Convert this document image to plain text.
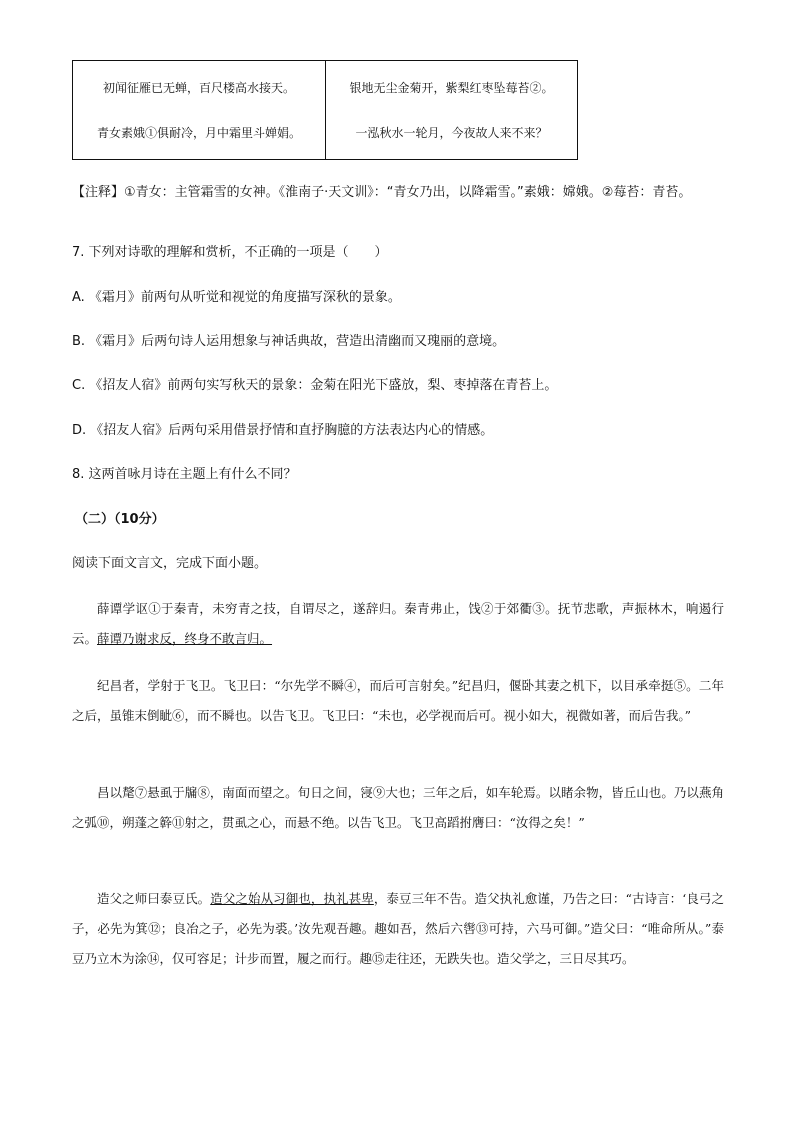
初闻征雁已无蝉，百尺楼高水接天。
青女素娥①俱耐冷，月中霜里斗婵娟。
银地无尘金菊开，紫梨红枣坠莓苔②。
一泓秋水一轮月，今夜故人来不来？
【注释】①青女：主管霜雪的女神。《淮南子·天文训》：“青女乃出，以降霜雪。”素娥：嫦娥。②莓苔：青苔。
7. 下列对诗歌的理解和赏析，不正确的一项是（　　）
A. 《霜月》前两句从听觉和视觉的角度描写深秋的景象。
B. 《霜月》后两句诗人运用想象与神话典故，营造出清幽而又瑰丽的意境。
C. 《招友人宿》前两句实写秋天的景象：金菊在阳光下盛放，梨、枣掉落在青苔上。
D. 《招友人宿》后两句采用借景抒情和直抒胸臆的方法表达内心的情感。
8. 这两首咏月诗在主题上有什么不同？
（二）（10分）
阅读下面文言文，完成下面小题。
薛谭学讴①于秦青，未穷青之技，自谓尽之，遂辞归。秦青弗止，饯②于郊衢③。抚节悲歌，声振林木，响遏行云。薛谭乃谢求反，终身不敢言归。
纪昌者，学射于飞卫。飞卫曰：“尔先学不瞬④，而后可言射矣。”纪昌归，偃卧其妻之机下，以目承牵挺⑤。二年之后，虽锥末倒眦⑥，而不瞬也。以告飞卫。飞卫曰：“未也，必学视而后可。视小如大，视微如著，而后告我。”
昌以氂⑦悬虱于牖⑧，南面而望之。旬日之间，寖⑨大也；三年之后，如车轮焉。以睹余物，皆丘山也。乃以燕角之弧⑩，朔蓬之簳⑪射之，贯虱之心，而悬不绝。以告飞卫。飞卫高蹈拊膺曰：“汝得之矣！”
造父之师曰泰豆氏。造父之始从习御也，执礼甚卑，泰豆三年不告。造父执礼愈谨，乃告之曰：“古诗言：‘良弓之子，必先为箕⑫；良冶之子，必先为裘。’汝先观吾趣。趣如吾，然后六辔⑬可持，六马可御。”造父曰：“唯命所从。”泰豆乃立木为涂⑭，仅可容足；计步而置，履之而行。趣⑮走往还，无跌失也。造父学之，三日尽其巧。
